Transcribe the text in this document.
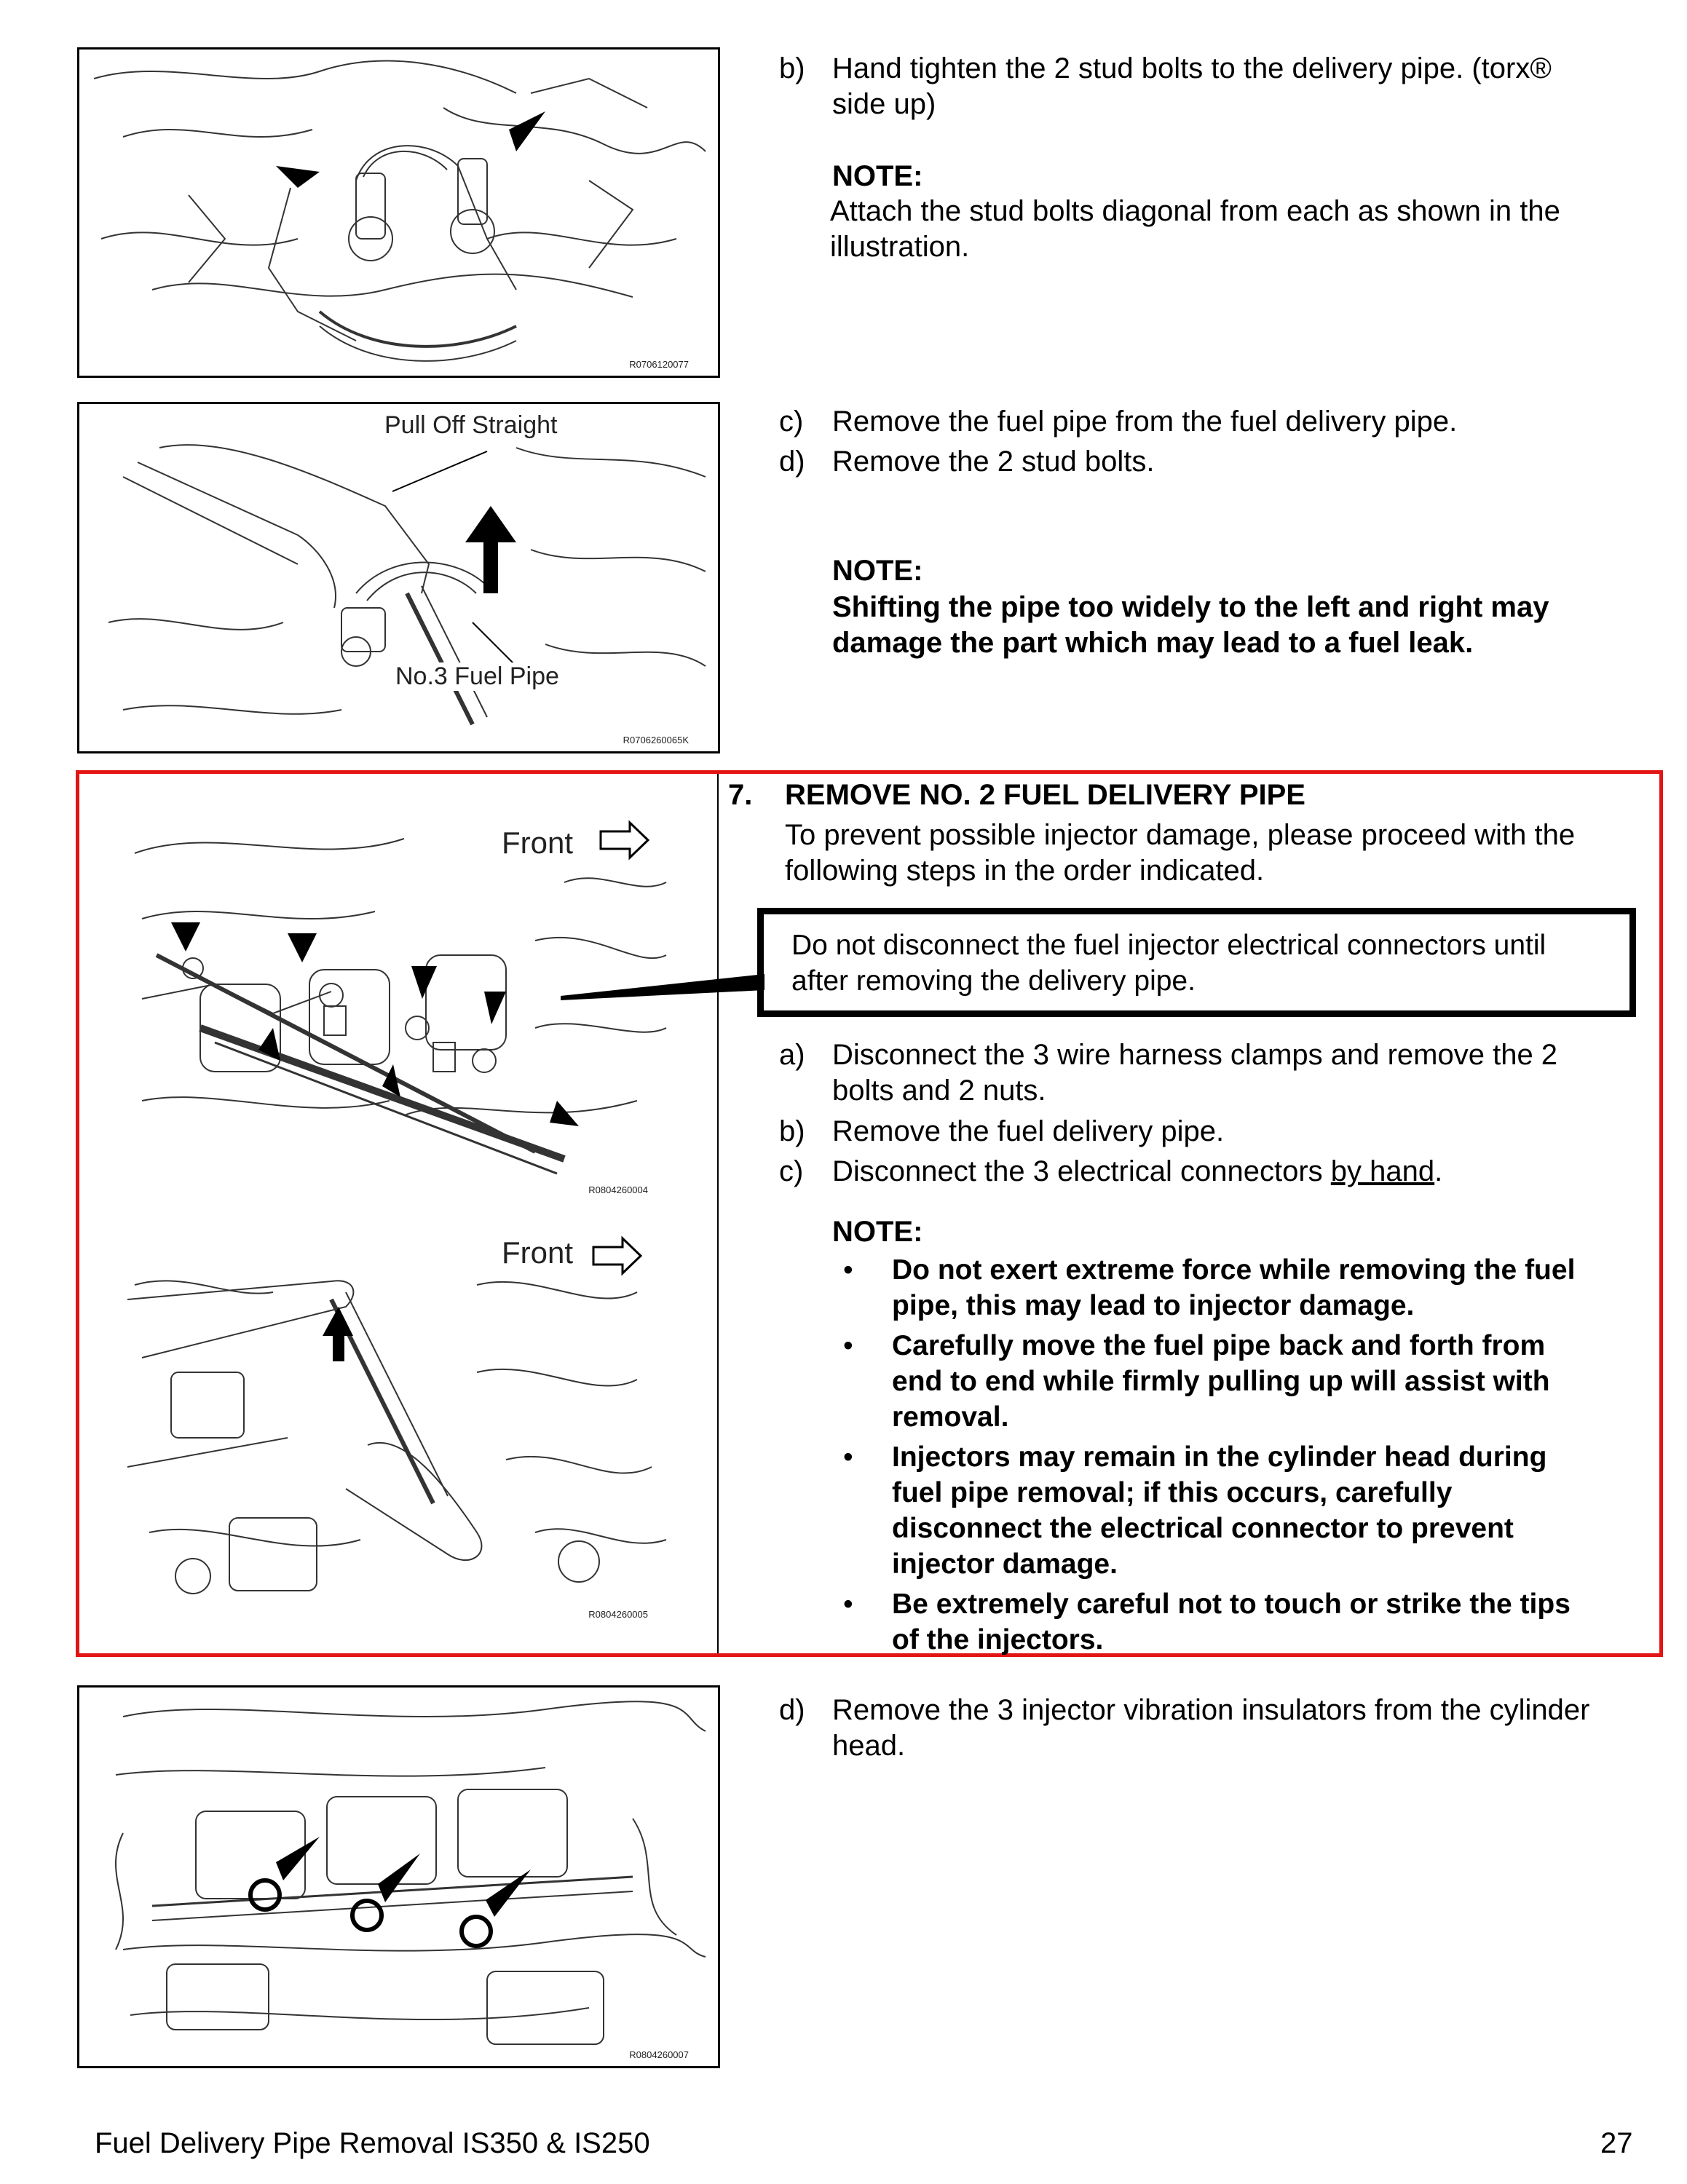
R0706120077
Pull Off Straight
No.3 Fuel Pipe
R0706260065K
b) Hand tighten the 2 stud bolts to the delivery pipe. (torx®
side up)
NOTE:
Attach the stud bolts diagonal from each as shown in the
illustration.
c) Remove the fuel pipe from the fuel delivery pipe.
d) Remove the 2 stud bolts.
NOTE:
Shifting the pipe too widely to the left and right may
damage the part which may lead to a fuel leak.
Front
R0804260004
Front
R0804260005
7. REMOVE NO. 2 FUEL DELIVERY PIPE
To prevent possible injector damage, please proceed with the
following steps in the order indicated.
Do not disconnect the fuel injector electrical connectors until
after removing the delivery pipe.
a) Disconnect the 3 wire harness clamps and remove the 2
bolts and 2 nuts.
b) Remove the fuel delivery pipe.
c) Disconnect the 3 electrical connectors by hand.
NOTE:
• Do not exert extreme force while removing the fuel
pipe, this may lead to injector damage.
• Carefully move the fuel pipe back and forth from
end to end while firmly pulling up will assist with
removal.
• Injectors may remain in the cylinder head during
fuel pipe removal; if this occurs, carefully
disconnect the electrical connector to prevent
injector damage.
• Be extremely careful not to touch or strike the tips
of the injectors.
R0804260007
d) Remove the 3 injector vibration insulators from the cylinder
head.
Fuel Delivery Pipe Removal IS350 & IS250	27
